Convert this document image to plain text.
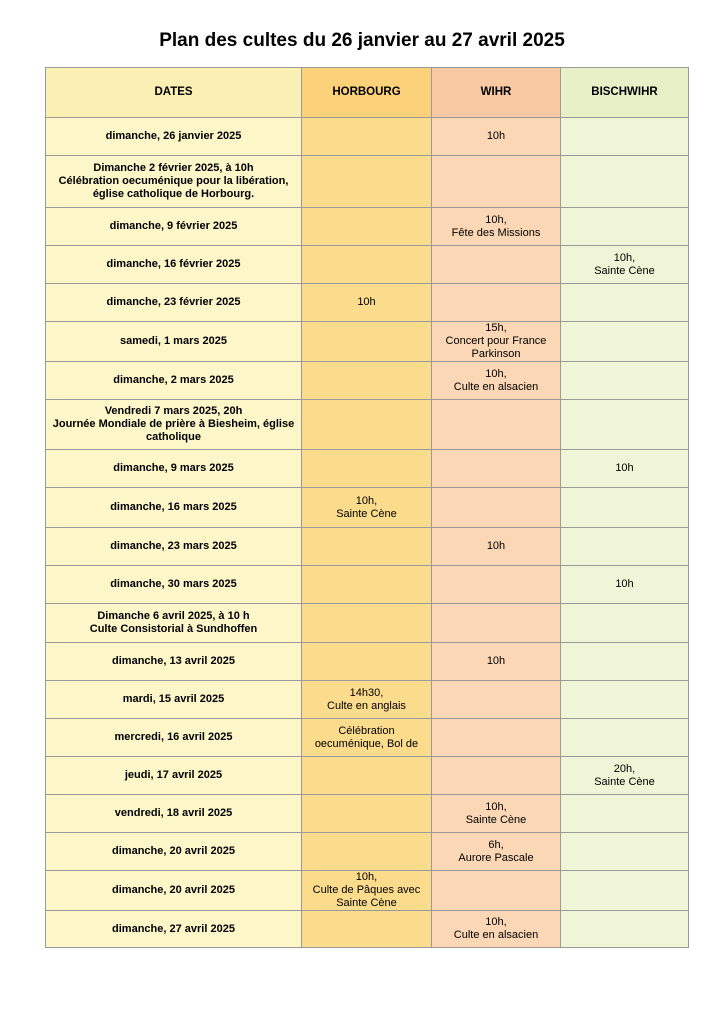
Plan des cultes du 26 janvier au 27 avril 2025
DATES	HORBOURG	WIHR	BISCHWIHR

dimanche, 26 janvier 2025		10h	

Dimanche 2 février 2025, à 10h
Célébration oecuménique pour la libération,
église catholique de Horbourg.			

dimanche, 9 février 2025		10h,
Fête des Missions	

dimanche, 16 février 2025			10h,
Sainte Cène

dimanche, 23 février 2025	10h		

samedi, 1 mars 2025		15h,
Concert pour France
Parkinson	

dimanche, 2 mars 2025		10h,
Culte en alsacien	

Vendredi 7 mars 2025, 20h
Journée Mondiale de prière à Biesheim, église
catholique			

dimanche, 9 mars 2025			10h

dimanche, 16 mars 2025	10h,
Sainte Cène		

dimanche, 23 mars 2025		10h	

dimanche, 30 mars 2025			10h

Dimanche 6 avril 2025, à 10 h
Culte Consistorial à Sundhoffen			

dimanche, 13 avril 2025		10h	

mardi, 15 avril 2025	14h30,
Culte en anglais		

mercredi, 16 avril 2025	Célébration
oecuménique, Bol de		

jeudi, 17 avril 2025			20h,
Sainte Cène

vendredi, 18 avril 2025		10h,
Sainte Cène	

dimanche, 20 avril 2025		6h,
Aurore Pascale	

dimanche, 20 avril 2025	10h,
Culte de Pâques avec
Sainte Cène		

dimanche, 27 avril 2025		10h,
Culte en alsacien	
